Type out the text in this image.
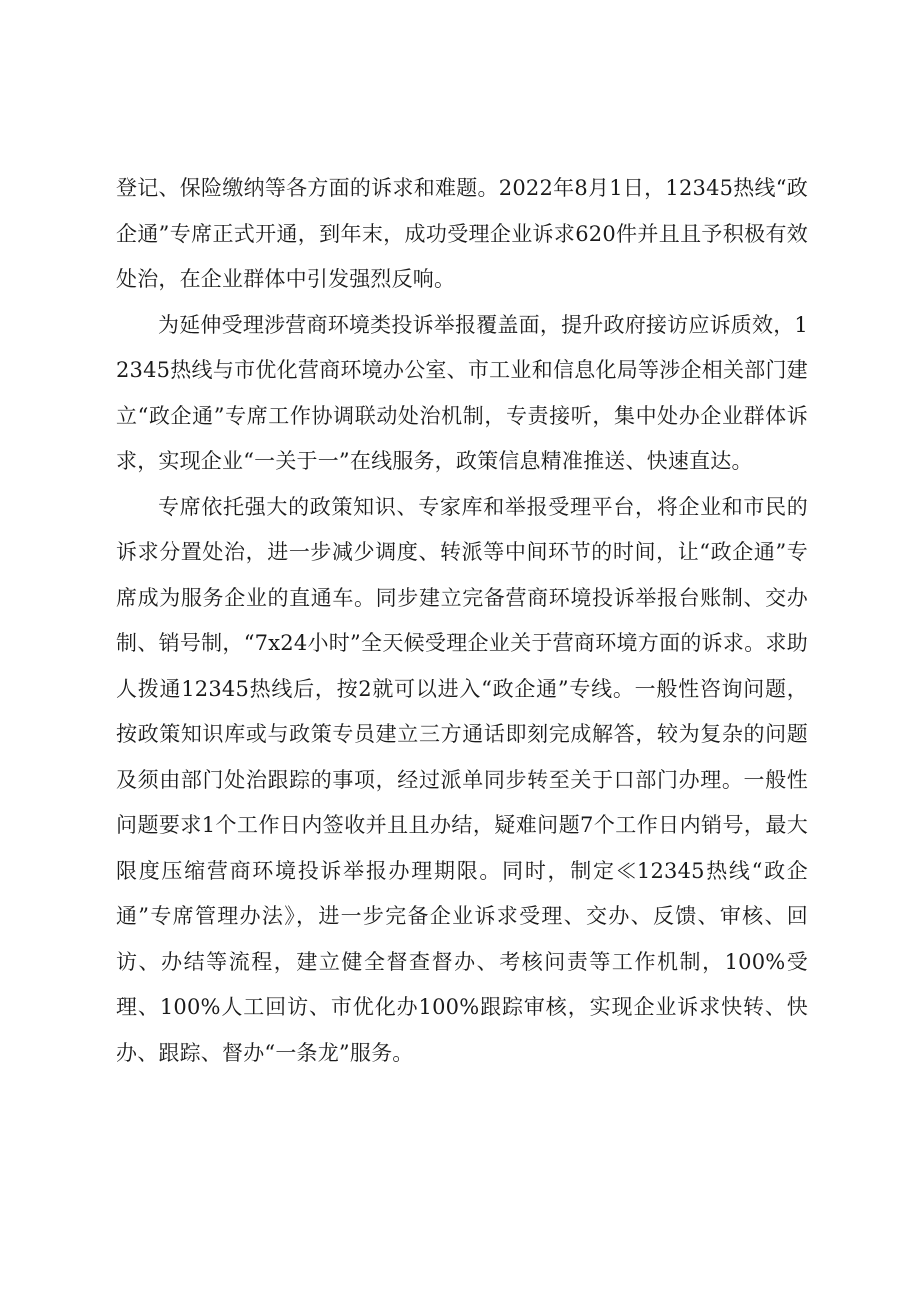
登记、保险缴纳等各方面的诉求和难题。2022年8月1日，12345热线“政企通”专席正式开通，到年末，成功受理企业诉求620件并且且予积极有效处治，在企业群体中引发强烈反响。

为延伸受理涉营商环境类投诉举报覆盖面，提升政府接访应诉质效，12345热线与市优化营商环境办公室、市工业和信息化局等涉企相关部门建立“政企通”专席工作协调联动处治机制，专责接听，集中处办企业群体诉求，实现企业“一关于一”在线服务，政策信息精准推送、快速直达。

专席依托强大的政策知识、专家库和举报受理平台，将企业和市民的诉求分置处治，进一步减少调度、转派等中间环节的时间，让“政企通”专席成为服务企业的直通车。同步建立完备营商环境投诉举报台账制、交办制、销号制，“7x24小时”全天候受理企业关于营商环境方面的诉求。求助人拨通12345热线后，按2就可以进入“政企通”专线。一般性咨询问题，按政策知识库或与政策专员建立三方通话即刻完成解答，较为复杂的问题及须由部门处治跟踪的事项，经过派单同步转至关于口部门办理。一般性问题要求1个工作日内签收并且且办结，疑难问题7个工作日内销号，最大限度压缩营商环境投诉举报办理期限。同时，制定≪12345热线“政企通”专席管理办法》，进一步完备企业诉求受理、交办、反馈、审核、回访、办结等流程，建立健全督查督办、考核问责等工作机制，100%受理、100%人工回访、市优化办100%跟踪审核，实现企业诉求快转、快办、跟踪、督办“一条龙”服务。
